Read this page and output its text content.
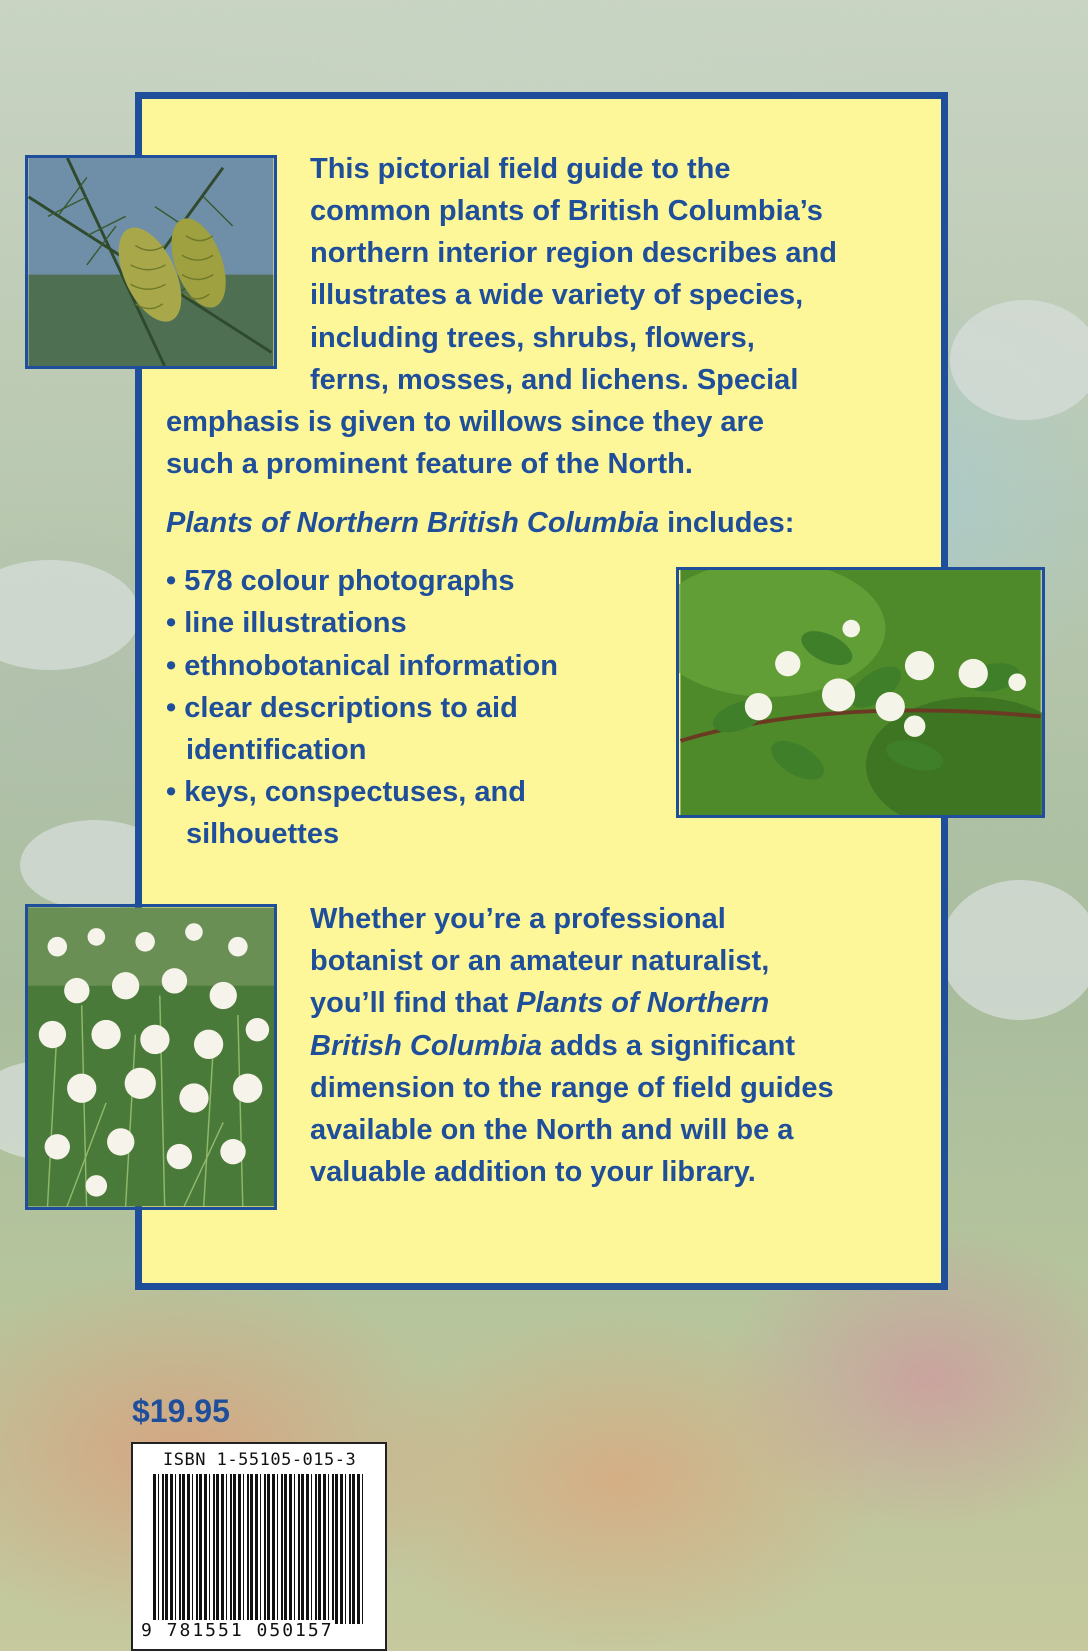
This pictorial field guide to the
common plants of British Columbia’s
northern interior region describes and
illustrates a wide variety of species,
including trees, shrubs, flowers,
ferns, mosses, and lichens. Special
emphasis is given to willows since they are
such a prominent feature of the North.
Plants of Northern British Columbia includes:
• 578 colour photographs
• line illustrations
• ethnobotanical information
• clear descriptions to aid
identification
• keys, conspectuses, and
silhouettes
Whether you’re a professional
botanist or an amateur naturalist,
you’ll find that Plants of Northern
British Columbia adds a significant
dimension to the range of field guides
available on the North and will be a
valuable addition to your library.
$19.95
ISBN 1-55105-015-3
9 781551 050157
